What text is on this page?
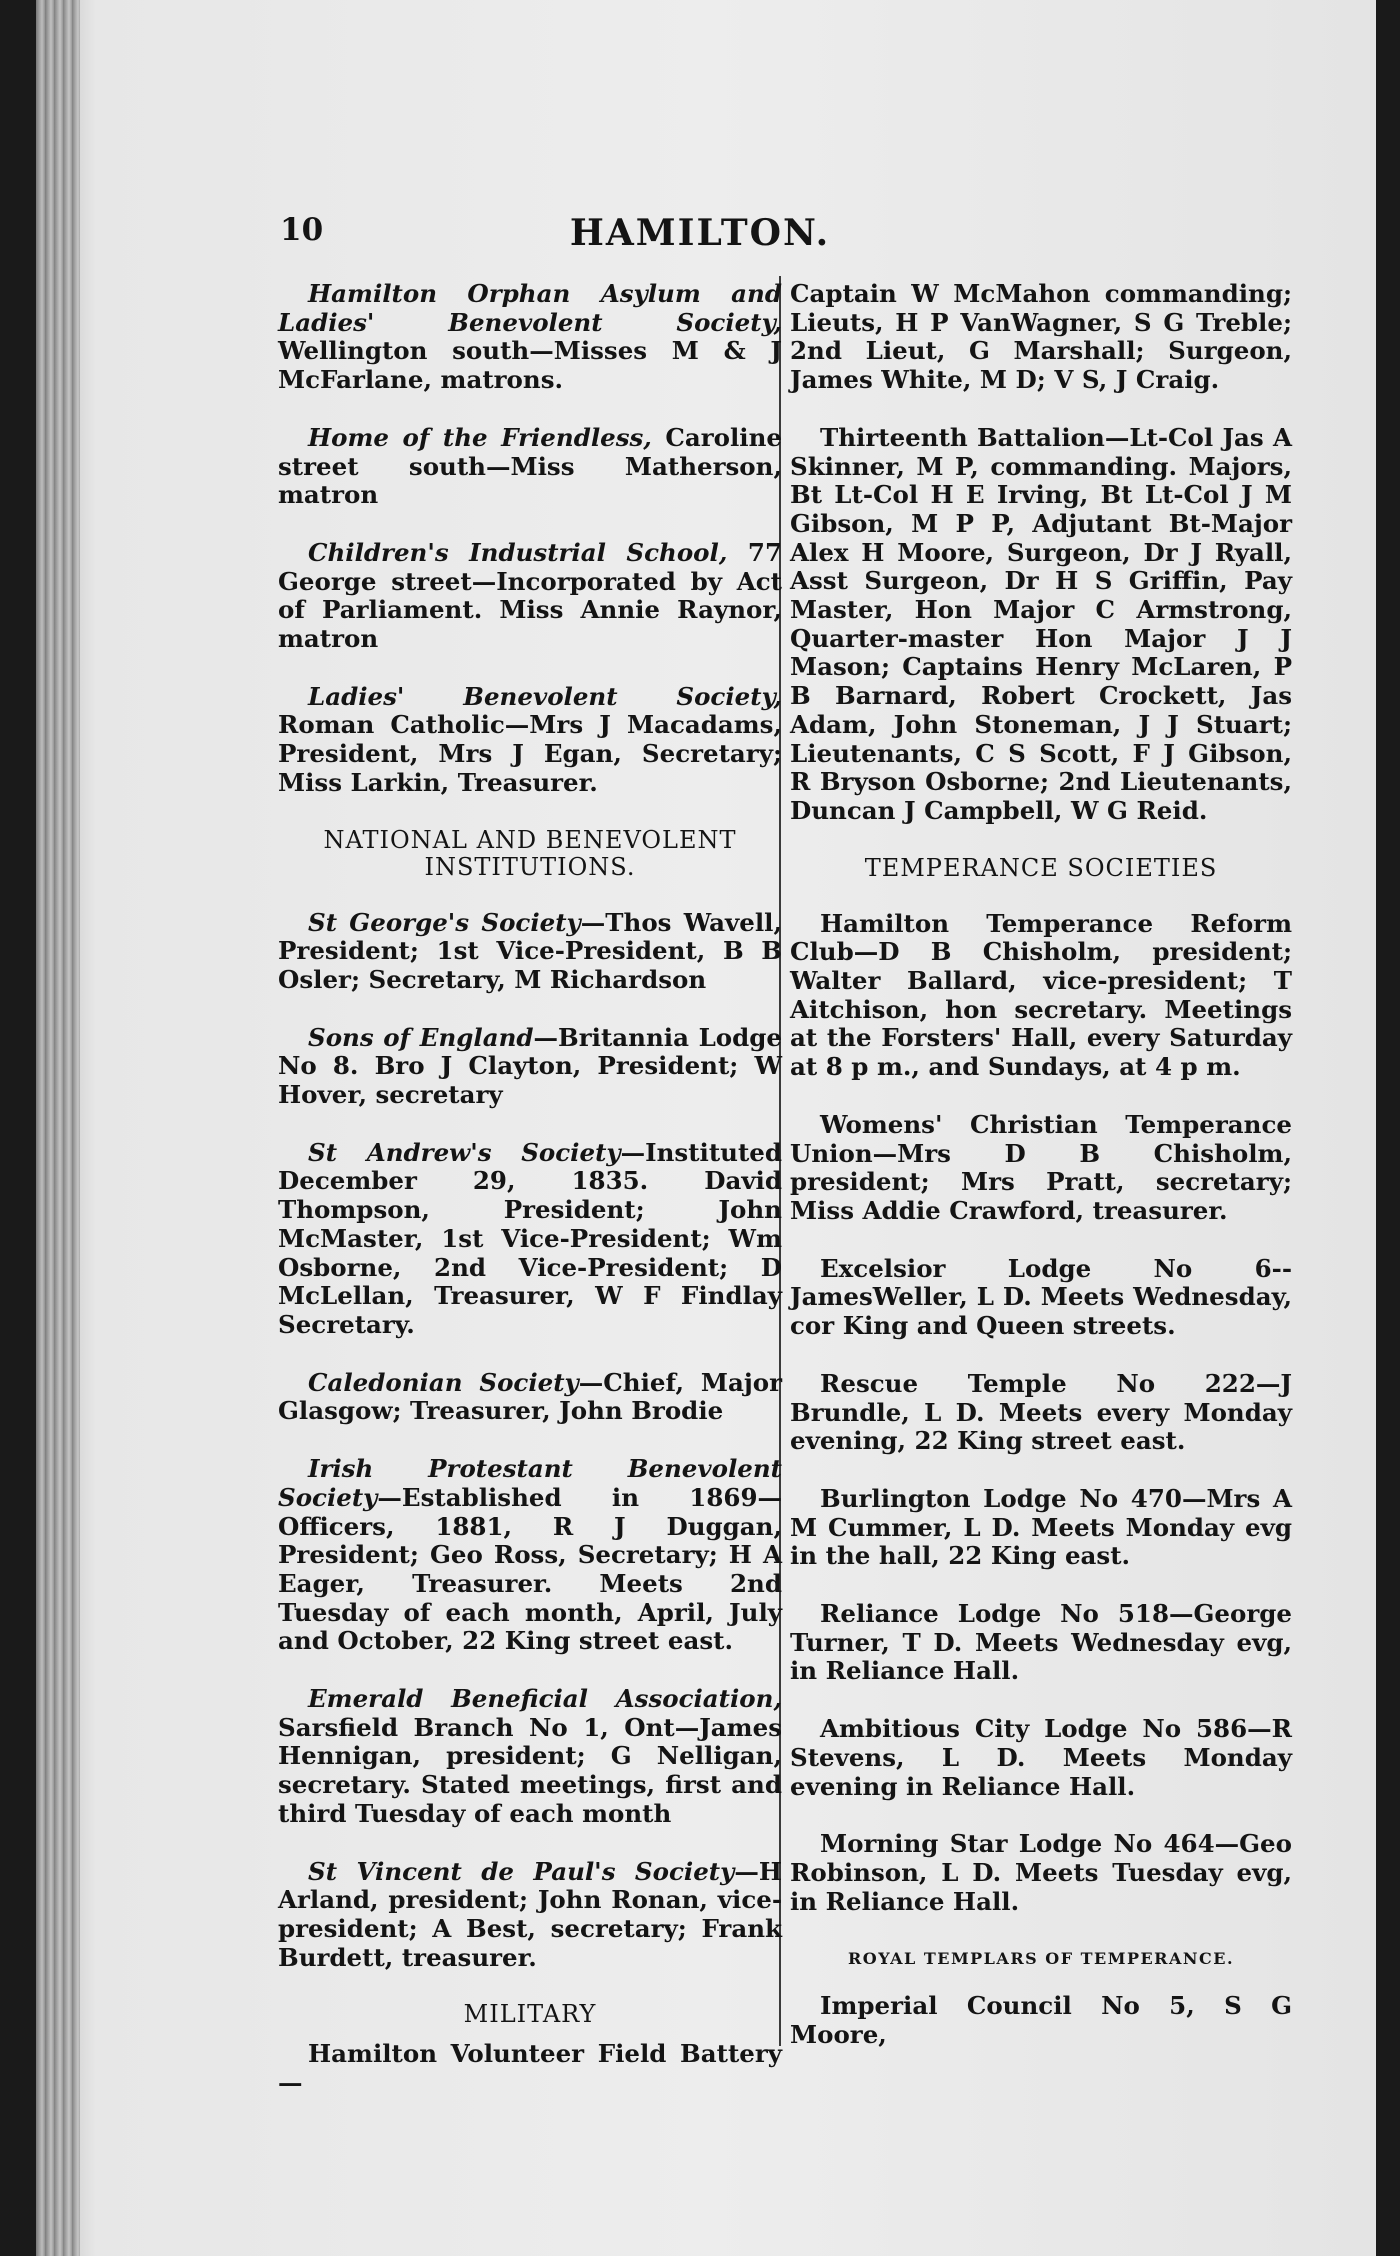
10	HAMILTON.

Hamilton Orphan Asylum and Ladies' Benevolent Society, Wellington south—Misses M & J McFarlane, matrons.

Home of the Friendless, Caroline street south—Miss Matherson, matron

Children's Industrial School, 77 George street—Incorporated by Act of Parliament. Miss Annie Raynor, matron

Ladies' Benevolent Society, Roman Catholic—Mrs J Macadams, President, Mrs J Egan, Secretary; Miss Larkin, Treasurer.

NATIONAL AND BENEVOLENT INSTITUTIONS.

St George's Society—Thos Wavell, President; 1st Vice-President, B B Osler; Secretary, M Richardson

Sons of England—Britannia Lodge No 8. Bro J Clayton, President; W Hover, secretary

St Andrew's Society—Instituted December 29, 1835. David Thompson, President; John McMaster, 1st Vice-President; Wm Osborne, 2nd Vice-President; D McLellan, Treasurer, W F Findlay Secretary.

Caledonian Society—Chief, Major Glasgow; Treasurer, John Brodie

Irish Protestant Benevolent Society—Established in 1869—Officers, 1881, R J Duggan, President; Geo Ross, Secretary; H A Eager, Treasurer. Meets 2nd Tuesday of each month, April, July and October, 22 King street east.

Emerald Beneficial Association, Sarsfield Branch No 1, Ont—James Hennigan, president; G Nelligan, secretary. Stated meetings, first and third Tuesday of each month

St Vincent de Paul's Society—H Arland, president; John Ronan, vice-president; A Best, secretary; Frank Burdett, treasurer.

MILITARY

Hamilton Volunteer Field Battery—

Captain W McMahon commanding; Lieuts, H P VanWagner, S G Treble; 2nd Lieut, G Marshall; Surgeon, James White, M D; V S, J Craig.

Thirteenth Battalion—Lt-Col Jas A Skinner, M P, commanding. Majors, Bt Lt-Col H E Irving, Bt Lt-Col J M Gibson, M P P, Adjutant Bt-Major Alex H Moore, Surgeon, Dr J Ryall, Asst Surgeon, Dr H S Griffin, Pay Master, Hon Major C Armstrong, Quarter-master Hon Major J J Mason; Captains Henry McLaren, P B Barnard, Robert Crockett, Jas Adam, John Stoneman, J J Stuart; Lieutenants, C S Scott, F J Gibson, R Bryson Osborne; 2nd Lieutenants, Duncan J Campbell, W G Reid.

TEMPERANCE SOCIETIES

Hamilton Temperance Reform Club—D B Chisholm, president; Walter Ballard, vice-president; T Aitchison, hon secretary. Meetings at the Forsters' Hall, every Saturday at 8 p m., and Sundays, at 4 p m.

Womens' Christian Temperance Union—Mrs D B Chisholm, president; Mrs Pratt, secretary; Miss Addie Crawford, treasurer.

Excelsior Lodge No 6--JamesWeller, L D. Meets Wednesday, cor King and Queen streets.

Rescue Temple No 222—J Brundle, L D. Meets every Monday evening, 22 King street east.

Burlington Lodge No 470—Mrs A M Cummer, L D. Meets Monday evg in the hall, 22 King east.

Reliance Lodge No 518—George Turner, T D. Meets Wednesday evg, in Reliance Hall.

Ambitious City Lodge No 586—R Stevens, L D. Meets Monday evening in Reliance Hall.

Morning Star Lodge No 464—Geo Robinson, L D. Meets Tuesday evg, in Reliance Hall.

ROYAL TEMPLARS OF TEMPERANCE.

Imperial Council No 5, S G Moore,
